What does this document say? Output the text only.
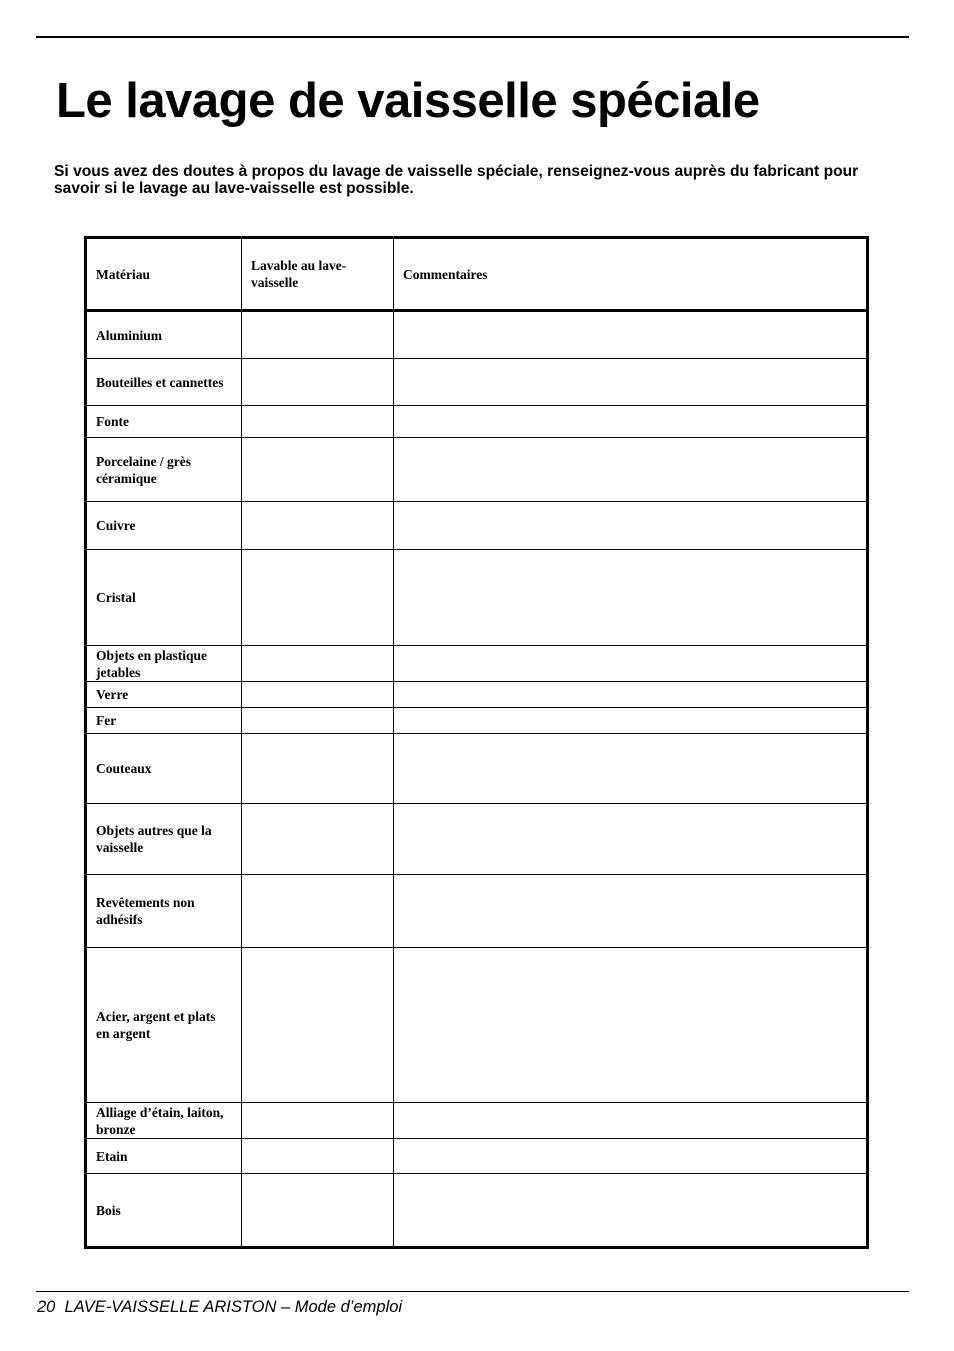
Le lavage de vaisselle spéciale

Si vous avez des doutes à propos du lavage de vaisselle spéciale, renseignez-vous auprès du fabricant pour savoir si le lavage au lave-vaisselle est possible.

Matériau	Lavable au lave-vaisselle	Commentaires
Aluminium		
Bouteilles et cannettes		
Fonte		
Porcelaine / grès céramique		
Cuivre		
Cristal		
Objets en plastique jetables		
Verre		
Fer		
Couteaux		
Objets autres que la vaisselle		
Revêtements non adhésifs		
Acier, argent et plats en argent		
Alliage d’étain, laiton, bronze		
Etain		
Bois		

20 LAVE-VAISSELLE ARISTON – Mode d’emploi
